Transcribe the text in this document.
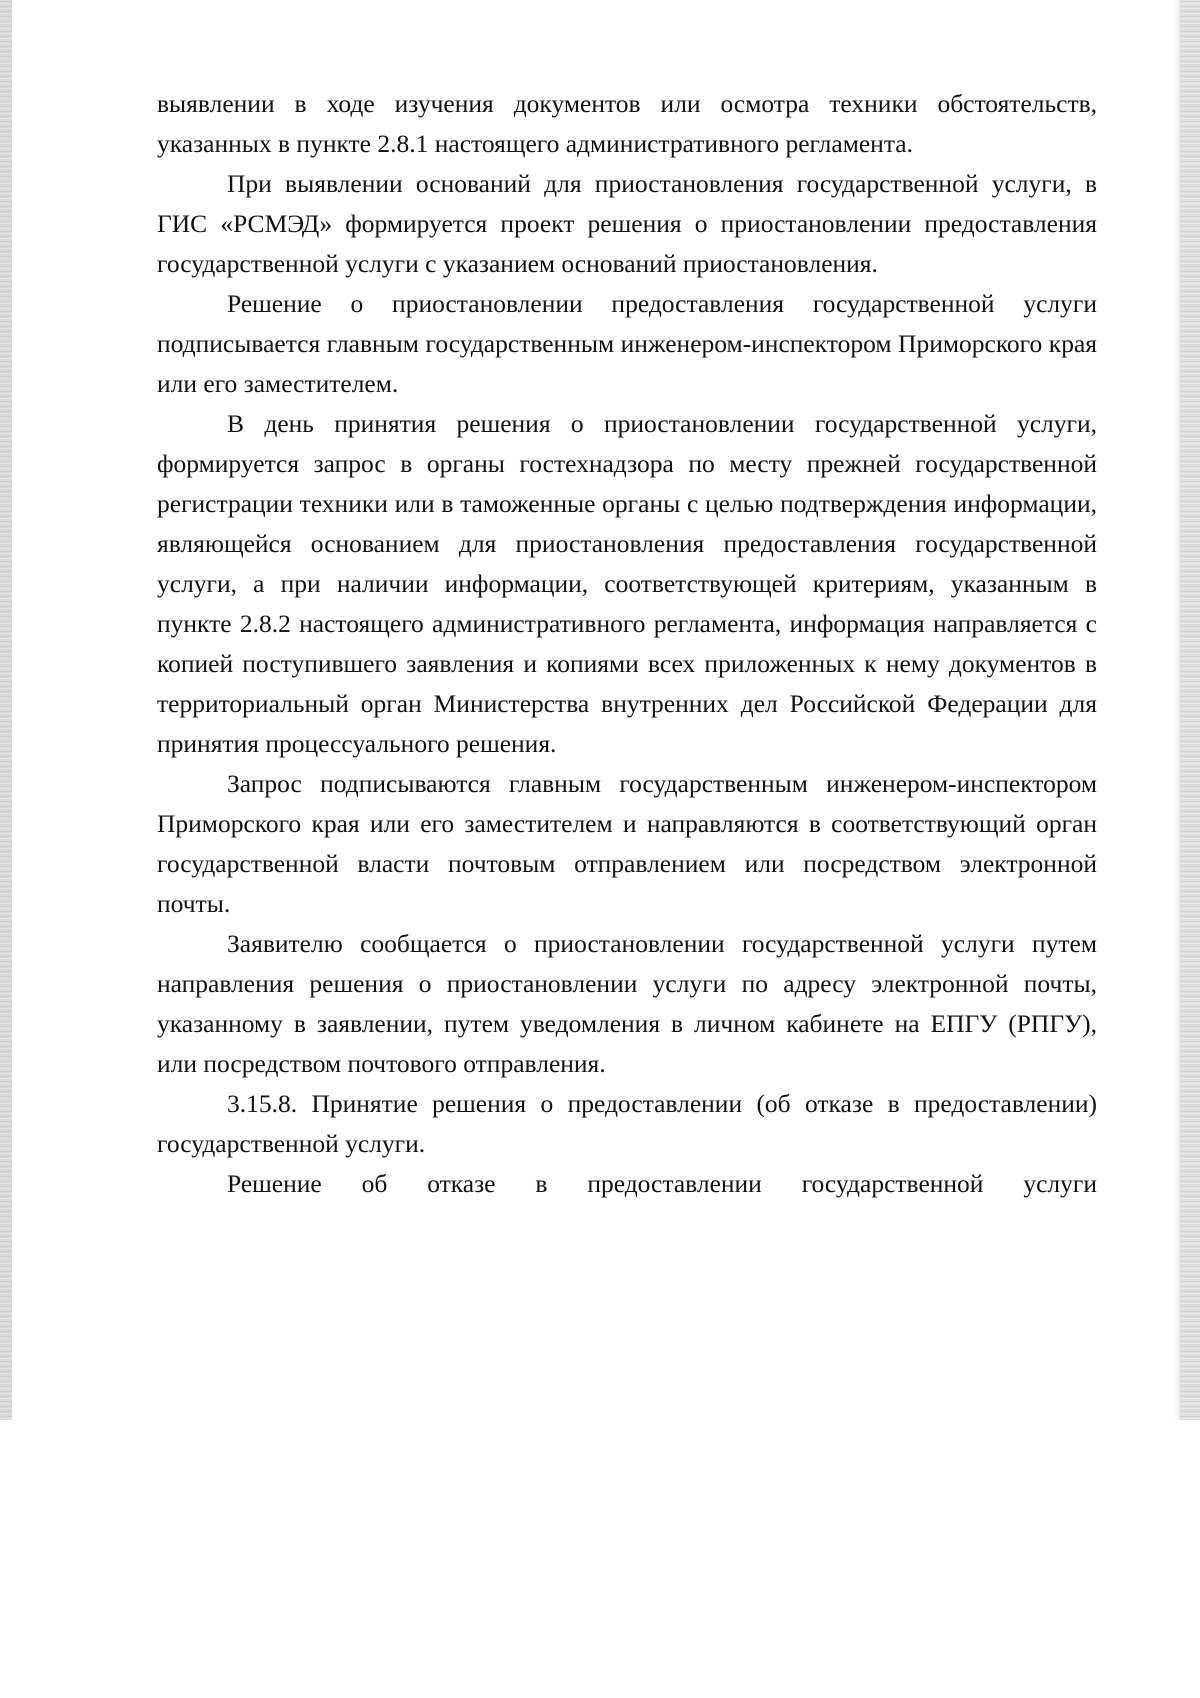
выявлении в ходе изучения документов или осмотра техники обстоятельств, указанных в пункте 2.8.1 настоящего административного регламента.

При выявлении оснований для приостановления государственной услуги, в ГИС «РСМЭД» формируется проект решения о приостановлении предоставления государственной услуги с указанием оснований приостановления.

Решение о приостановлении предоставления государственной услуги подписывается главным государственным инженером-инспектором Приморского края или его заместителем.

В день принятия решения о приостановлении государственной услуги, формируется запрос в органы гостехнадзора по месту прежней государственной регистрации техники или в таможенные органы с целью подтверждения информации, являющейся основанием для приостановления предоставления государственной услуги, а при наличии информации, соответствующей критериям, указанным в пункте 2.8.2 настоящего административного регламента, информация направляется с копией поступившего заявления и копиями всех приложенных к нему документов в территориальный орган Министерства внутренних дел Российской Федерации для принятия процессуального решения.

Запрос подписываются главным государственным инженером-инспектором Приморского края или его заместителем и направляются в соответствующий орган государственной власти почтовым отправлением или посредством электронной почты.

Заявителю сообщается о приостановлении государственной услуги путем направления решения о приостановлении услуги по адресу электронной почты, указанному в заявлении, путем уведомления в личном кабинете на ЕПГУ (РПГУ), или посредством почтового отправления.

3.15.8. Принятие решения о предоставлении (об отказе в предоставлении) государственной услуги.

Решение об отказе в предоставлении государственной услуги
